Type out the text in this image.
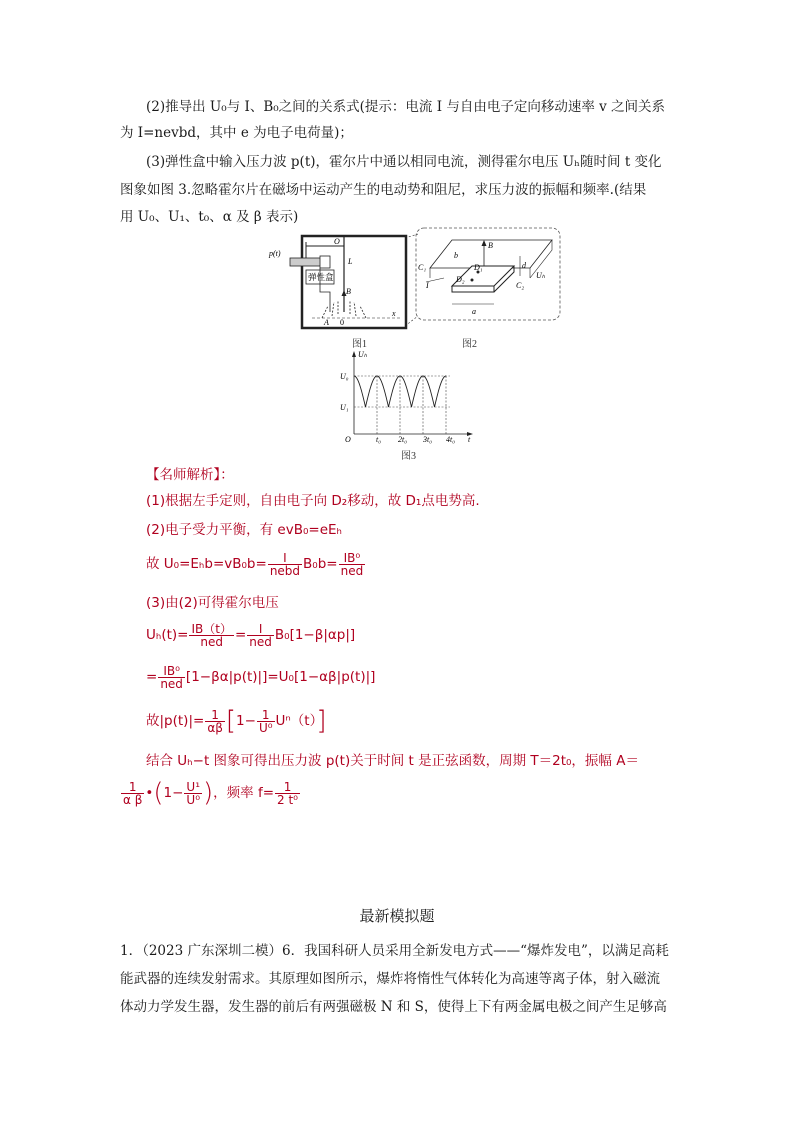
(2)推导出 U₀与 I、B₀之间的关系式(提示：电流 I 与自由电子定向移动速率 v 之间关系
为 I=nevbd，其中 e 为电子电荷量)；
(3)弹性盒中输入压力波 p(t)，霍尔片中通以相同电流，测得霍尔电压 Uₕ随时间 t 变化
图象如图 3.忽略霍尔片在磁场中运动产生的电动势和阻尼，求压力波的振幅和频率.(结果
用 U₀、U₁、t₀、α 及 β 表示)
p(t)
弹性盒
O
L
B
A 0
x
图1
B
b
C₁
I
D₁
D₂
d
Uₕ
C₂
a
图2
Uₕ
U₀
U₁
O	t
t₀ 2t₀ 3t₀ 4t₀
图3
【名师解析】：
(1)根据左手定则，自由电子向 D₂移动，故 D₁点电势高.
(2)电子受力平衡，有 evB₀=eEₕ
故 $U_0=E_hb=vB_0b= \frac{I}{\text{nebd}} B_0b= \frac{\text{IB⁰}}{\text{ned}}$
(3)由(2)可得霍尔电压
$U_h(t)= \frac{IB(t)}{\text{ned}} = \frac{I}{\text{ned}} B_0[1-\beta|\alpha p|]$
= $\frac{\text{IB⁰}}{\text{ned}} [1-\beta\alpha|p(t)|]=U_0[1-\alpha\beta|p(t)|]$
故$|p(t)|= \frac{1}{\alpha\beta} [1- \frac{1}{\text{U⁰}} U^n(t)]$
结合 Uₕ−t 图象可得出压力波 p(t)关于时间 t 是正弦函数，周期 T＝2t₀，振幅 A＝
$\frac{1}{\text{α β}}$ •(1− $\frac{\text{U¹}}{\text{U⁰}}$ )，频率 $f= \frac{1}{\text{2 t⁰}}$
最新模拟题
1．（2023 广东深圳二模）6．我国科研人员采用全新发电方式——“爆炸发电”，以满足高耗
能武器的连续发射需求。其原理如图所示，爆炸将惰性气体转化为高速等离子体，射入磁流
体动力学发生器，发生器的前后有两强磁极 N 和 S，使得上下有两金属电极之间产生足够高
